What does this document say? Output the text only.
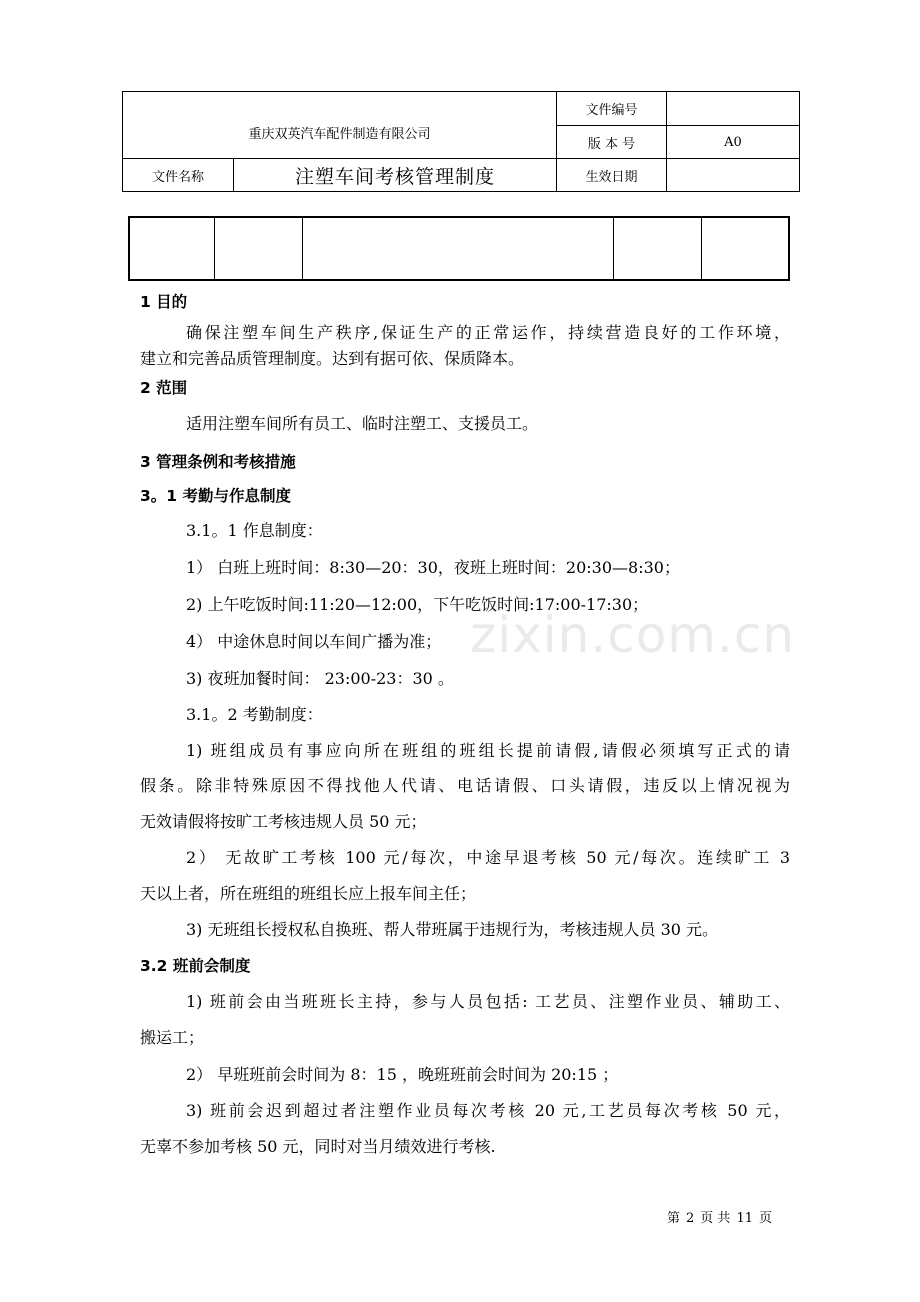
重庆双英汽车配件制造有限公司		文件编号	
		版 本 号	A0
文件名称	注塑车间考核管理制度	生效日期	

zixin.com.cn
1 目的
确保注塑车间生产秩序,保证生产的正常运作，持续营造良好的工作环境，
建立和完善品质管理制度。达到有据可依、保质降本。
2 范围
适用注塑车间所有员工、临时注塑工、支援员工。
3 管理条例和考核措施
3。1 考勤与作息制度
3.1。1 作息制度：
1） 白班上班时间：8:30—20：30，夜班上班时间：20:30—8:30；
2) 上午吃饭时间:11:20—12:00，下午吃饭时间:17:00-17:30；
4） 中途休息时间以车间广播为准；
3) 夜班加餐时间： 23:00-23：30 。
3.1。2 考勤制度：
1) 班组成员有事应向所在班组的班组长提前请假,请假必须填写正式的请
假条。除非特殊原因不得找他人代请、电话请假、口头请假，违反以上情况视为
无效请假将按旷工考核违规人员 50 元；
2） 无故旷工考核 100 元/每次，中途早退考核 50 元/每次。连续旷工 3
天以上者，所在班组的班组长应上报车间主任；
3) 无班组长授权私自换班、帮人带班属于违规行为，考核违规人员 30 元。
3.2 班前会制度
1) 班前会由当班班长主持，参与人员包括: 工艺员、注塑作业员、辅助工、
搬运工；
2） 早班班前会时间为 8：15 ，晚班班前会时间为 20:15 ；
3) 班前会迟到超过者注塑作业员每次考核 20 元,工艺员每次考核 50 元，
无辜不参加考核 50 元，同时对当月绩效进行考核.
第 2 页 共 11 页
